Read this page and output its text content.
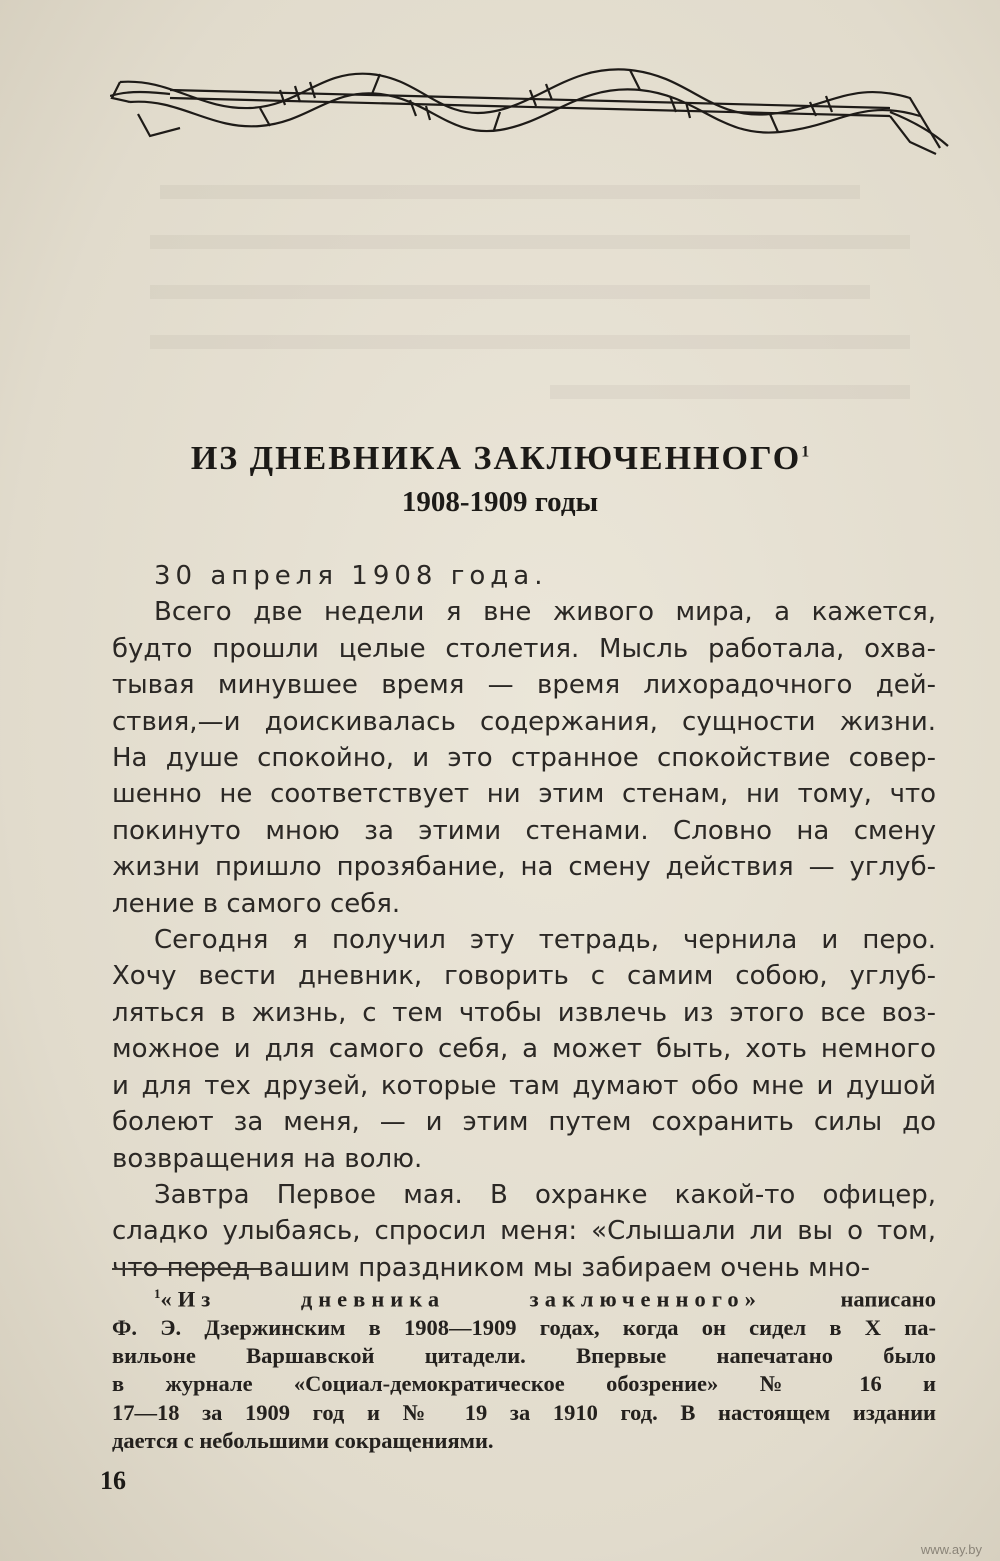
ИЗ ДНЕВНИКА ЗАКЛЮЧЕННОГО$^1$
1908-1909 годы

30 апреля 1908 года.

Всего две недели я вне живого мира, а кажется,
будто прошли целые столетия. Мысль работала, охва-
тывая минувшее время — время лихорадочного дей-
ствия,—и доискивалась содержания, сущности жизни.
На душе спокойно, и это странное спокойствие совер-
шенно не соответствует ни этим стенам, ни тому, что
покинуто мною за этими стенами. Словно на смену
жизни пришло прозябание, на смену действия — углуб-
ление в самого себя.

Сегодня я получил эту тетрадь, чернила и перо.
Хочу вести дневник, говорить с самим собою, углуб-
ляться в жизнь, с тем чтобы извлечь из этого все воз-
можное и для самого себя, а может быть, хоть немного
и для тех друзей, которые там думают обо мне и душой
болеют за меня, — и этим путем сохранить силы до
возвращения на волю.

Завтра Первое мая. В охранке какой-то офицер,
сладко улыбаясь, спросил меня: «Слышали ли вы о том,
что перед вашим праздником мы забираем очень мно-

$^1$«Из дневника заключенного»	написано
Ф. Э. Дзержинским в 1908—1909 годах, когда он сидел в X па-
вильоне Варшавской цитадели. Впервые напечатано было
в журнале «Социал-демократическое обозрение» № 16 и
17—18 за 1909 год и № 19 за 1910 год. В настоящем издании
дается с небольшими сокращениями.
16
www.ay.by
